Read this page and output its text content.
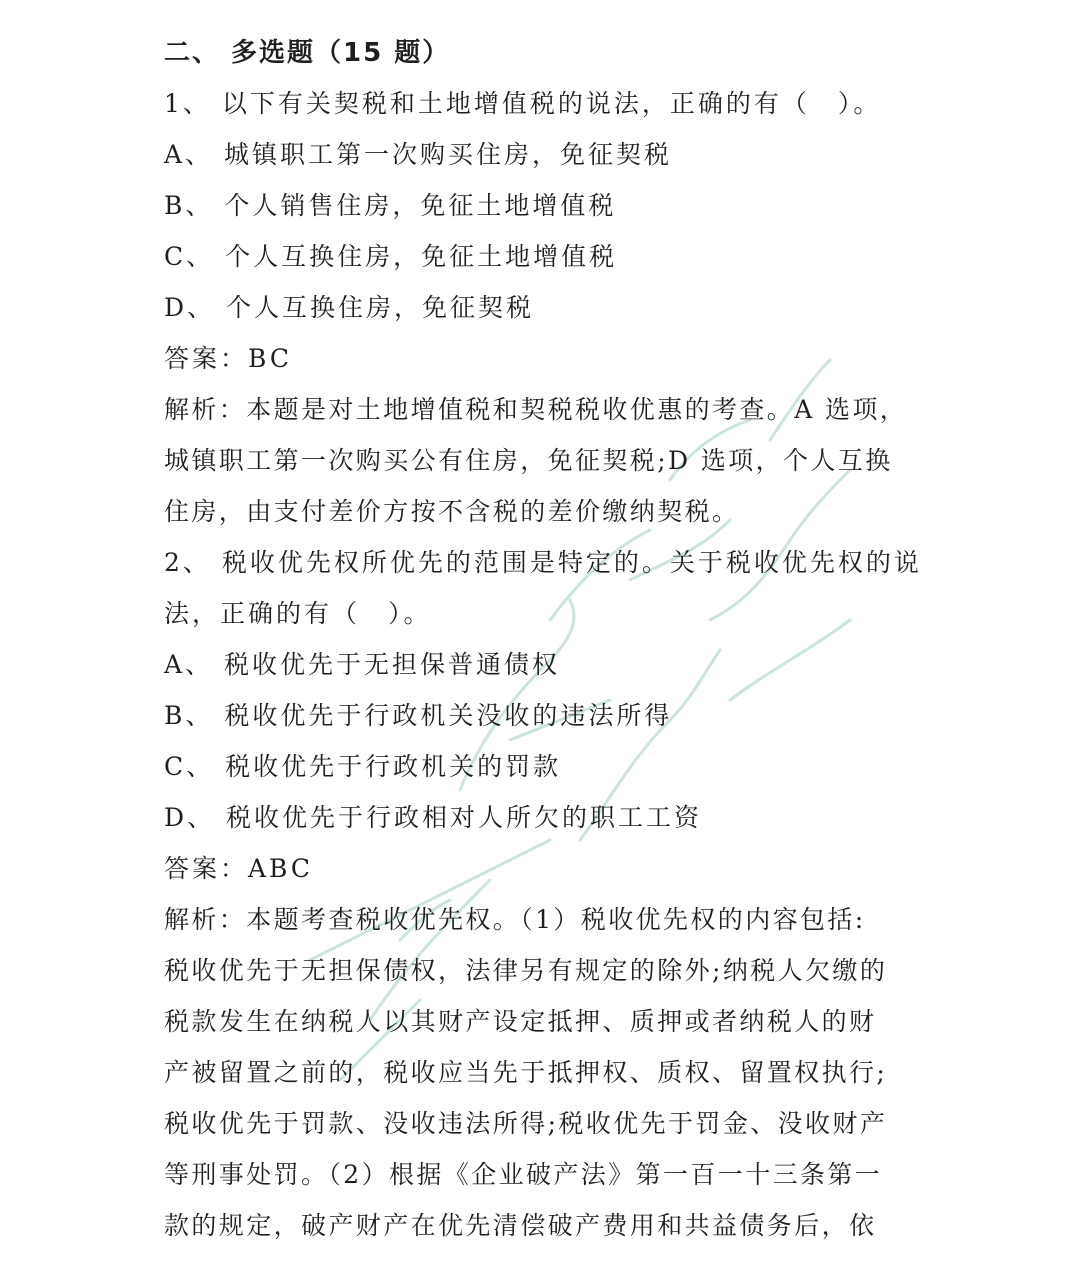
二、 多选题（15 题）
1、 以下有关契税和土地增值税的说法，正确的有（　）。
A、 城镇职工第一次购买住房，免征契税
B、 个人销售住房，免征土地增值税
C、 个人互换住房，免征土地增值税
D、 个人互换住房，免征契税
答案：BC
解析：本题是对土地增值税和契税税收优惠的考查。A 选项，
城镇职工第一次购买公有住房，免征契税;D 选项，个人互换
住房，由支付差价方按不含税的差价缴纳契税。
2、 税收优先权所优先的范围是特定的。关于税收优先权的说
法，正确的有（　）。
A、 税收优先于无担保普通债权
B、 税收优先于行政机关没收的违法所得
C、 税收优先于行政机关的罚款
D、 税收优先于行政相对人所欠的职工工资
答案：ABC
解析：本题考查税收优先权。（1）税收优先权的内容包括:
税收优先于无担保债权，法律另有规定的除外;纳税人欠缴的
税款发生在纳税人以其财产设定抵押、质押或者纳税人的财
产被留置之前的，税收应当先于抵押权、质权、留置权执行;
税收优先于罚款、没收违法所得;税收优先于罚金、没收财产
等刑事处罚。（2）根据《企业破产法》第一百一十三条第一
款的规定，破产财产在优先清偿破产费用和共益债务后，依
